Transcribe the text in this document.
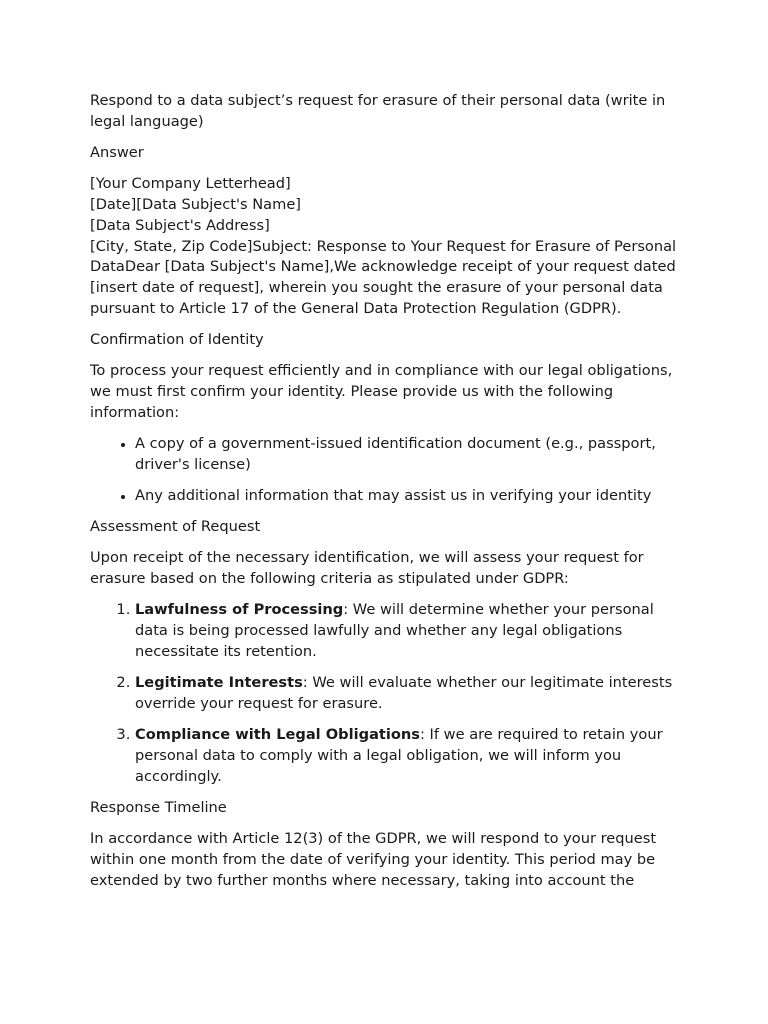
Respond to a data subject’s request for erasure of their personal data (write in legal language)

Answer

[Your Company Letterhead]
[Date][Data Subject's Name]
[Data Subject's Address]
[City, State, Zip Code]Subject: Response to Your Request for Erasure of Personal DataDear [Data Subject's Name],We acknowledge receipt of your request dated [insert date of request], wherein you sought the erasure of your personal data pursuant to Article 17 of the General Data Protection Regulation (GDPR).

Confirmation of Identity

To process your request efficiently and in compliance with our legal obligations, we must first confirm your identity. Please provide us with the following information:

• A copy of a government-issued identification document (e.g., passport, driver's license)
• Any additional information that may assist us in verifying your identity

Assessment of Request

Upon receipt of the necessary identification, we will assess your request for erasure based on the following criteria as stipulated under GDPR:

1. Lawfulness of Processing: We will determine whether your personal data is being processed lawfully and whether any legal obligations necessitate its retention.
2. Legitimate Interests: We will evaluate whether our legitimate interests override your request for erasure.
3. Compliance with Legal Obligations: If we are required to retain your personal data to comply with a legal obligation, we will inform you accordingly.

Response Timeline

In accordance with Article 12(3) of the GDPR, we will respond to your request within one month from the date of verifying your identity. This period may be extended by two further months where necessary, taking into account the
